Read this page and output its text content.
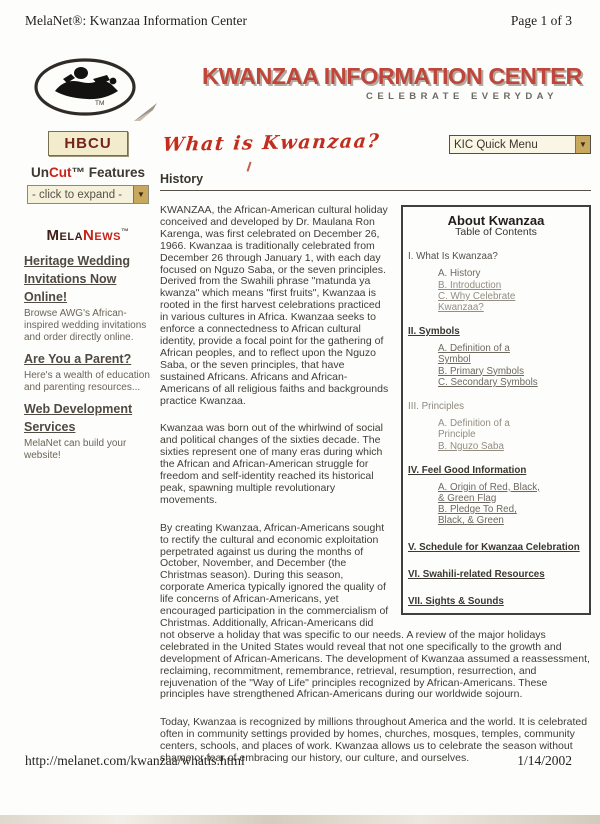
MelaNet®: Kwanzaa Information Center	Page 1 of 3
TM
KWANZAA INFORMATION CENTER
CELEBRATE EVERYDAY
HBCU
UnCut™ Features
- click to expand -	▼
MelaNews™
Heritage Wedding Invitations Now Online!
Browse AWG's African-inspired wedding invitations and order directly online.
Are You a Parent?
Here's a wealth of education and parenting resources...
Web Development Services
MelaNet can build your website!
What is Kwanzaa?	KIC Quick Menu	▼
History
About Kwanzaa
Table of Contents
I. What Is Kwanzaa?
A. History
B. Introduction
C. Why Celebrate Kwanzaa?
II. Symbols
A. Definition of a Symbol
B. Primary Symbols
C. Secondary Symbols
III. Principles
A. Definition of a Principle
B. Nguzo Saba
IV. Feel Good Information
A. Origin of Red, Black, & Green Flag
B. Pledge To Red, Black, & Green
V. Schedule for Kwanzaa Celebration
VI. Swahili-related Resources
VII. Sights & Sounds

KWANZAA, the African-American cultural holiday conceived and developed by Dr. Maulana Ron Karenga, was first celebrated on December 26, 1966. Kwanzaa is traditionally celebrated from December 26 through January 1, with each day focused on Nguzo Saba, or the seven principles. Derived from the Swahili phrase "matunda ya kwanza" which means "first fruits", Kwanzaa is rooted in the first harvest celebrations practiced in various cultures in Africa. Kwanzaa seeks to enforce a connectedness to African cultural identity, provide a focal point for the gathering of African peoples, and to reflect upon the Nguzo Saba, or the seven principles, that have sustained Africans. Africans and African-Americans of all religious faiths and backgrounds practice Kwanzaa.

Kwanzaa was born out of the whirlwind of social and political changes of the sixties decade. The sixties represent one of many eras during which the African and African-American struggle for freedom and self-identity reached its historical peak, spawning multiple revolutionary movements.

By creating Kwanzaa, African-Americans sought to rectify the cultural and economic exploitation perpetrated against us during the months of October, November, and December (the Christmas season). During this season, corporate America typically ignored the quality of life concerns of African-Americans, yet encouraged participation in the commercialism of Christmas. Additionally, African-Americans did not observe a holiday that was specific to our needs. A review of the major holidays celebrated in the United States would reveal that not one specifically to the growth and development of African-Americans. The development of Kwanzaa assumed a reassessment, reclaiming, recommitment, remembrance, retrieval, resumption, resurrection, and rejuvenation of the "Way of Life" principles recognized by African-Americans. These principles have strengthened African-Americans during our worldwide sojourn.

Today, Kwanzaa is recognized by millions throughout America and the world. It is celebrated often in community settings provided by homes, churches, mosques, temples, community centers, schools, and places of work. Kwanzaa allows us to celebrate the season without shame or fear of embracing our history, our culture, and ourselves.

http://melanet.com/kwanzaa/whatis.html	1/14/2002
